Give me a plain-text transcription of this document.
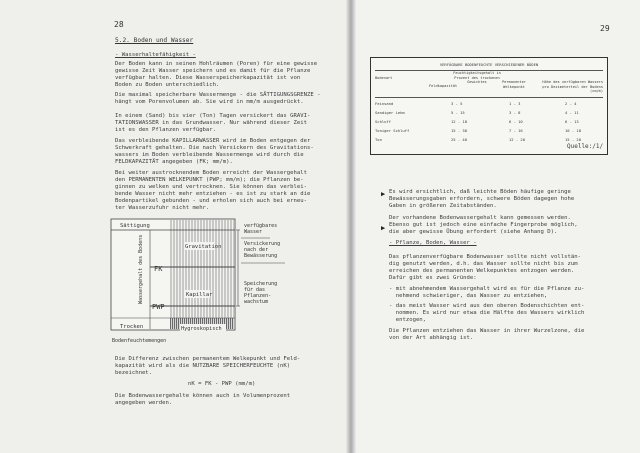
28
5.2. Boden und Wasser
- Wasserhaltefähigkeit -
Der Boden kann in seinen Hohlräumen (Poren) für eine gewisse
gewisse Zeit Wasser speichern und es damit für die Pflanze
verfügbar halten. Diese Wasserspeicherkapazität ist von
Boden zu Boden unterschiedlich.
Die maximal speicherbare Wassermenge - die SÄTTIGUNGSGRENZE -
hängt vom Porenvolumen ab. Sie wird in mm/m ausgedrückt.
In einem (Sand) bis vier (Ton) Tagen versickert das GRAVI-
TATIONSWASSER in das Grundwasser. Nur während dieser Zeit
ist es den Pflanzen verfügbar.
Das verbleibende KAPILLARWASSER wird im Boden entgegen der
Schwerkraft gehalten. Die nach Versickern des Gravitations-
wassers im Boden verbleibende Wassermenge wird durch die
FELDKAPAZITÄT angegeben (FK; mm/m).
Bei weiter austrocknendem Boden erreicht der Wassergehalt
den PERMANENTEN WELKEPUNKT (PWP; mm/m); die Pflanzen be-
ginnen zu welken und vertrocknen. Sie können das verblei-
bende Wasser nicht mehr entziehen - es ist zu stark an die
Bodenpartikel gebunden - und erholen sich auch bei erneu-
ter Wasserzufuhr nicht mehr.
Sättigung
Gravitation
Kapillar
Hygroskopisch
Trocken
FK
PWP
Wassergehalt des Bodens
Bodenfeuchtemengen
verfügbares Wasser
Versickerung nach der Bewässerung
Speicherung für das Pflanzen-wachstum
Die Differenz zwischen permanentem Welkepunkt und Feld-
kapazität wird als die NUTZBARE SPEICHERFEUCHTE (nK)
bezeichnet.
nK = FK - PWP (mm/m)
Die Bodenwassergehalte können auch in Volumenprozent
angegeben werden.
29
VERFÜGBARE BODENFEUCHTE VERSCHIEDENER BÖDEN

Bodenart

Feuchtigkeitsgehalt in
Prozent des trockenen
Gewichtes
Feldkapazität
Permanenter
Welkepunkt
Höhe des verfügbaren Wassers
pro Dezimeterteil der Bodens
(cm/m)
Feinsand	3 - 5	1 - 3	2 - 4
Sandiger Lehm	5 - 15	3 - 8	4 - 11
Schluff	12 - 18	6 - 10	6 - 13
Toniger Schluff	15 - 30	7 - 16	10 - 18
Ton	25 - 40	12 - 20	15 - 20
Quelle:/1/
▶ Es wird ersichtlich, daß leichte Böden häufige geringe
Bewässerungsgaben erfordern, schwere Böden dagegen hohe
Gaben in größeren Zeitabständen.
▶
Der vorhandene Bodenwassergehalt kann gemessen werden.
Ebenso gut ist jedoch eine einfache Fingerprobe möglich,
die aber gewisse Übung erfordert (siehe Anhang D).
- Pflanze, Boden, Wasser -
Das pflanzenverfügbare Bodenwasser sollte nicht vollstän-
dig genutzt werden, d.h. das Wasser sollte nicht bis zum
erreichen des permanenten Welkepunktes entzogen werden.
Dafür gibt es zwei Gründe:
- mit abnehmendem Wassergehalt wird es für die Pflanze zu-
nehmend schwieriger, das Wasser zu entziehen,
- das meist Wasser wird aus den oberen Bodenschichten ent-
nommen. Es wird nur etwa die Hälfte des Wassers wirklich
entzogen,
Die Pflanzen entziehen das Wasser in ihrer Wurzelzone, die
von der Art abhängig ist.
